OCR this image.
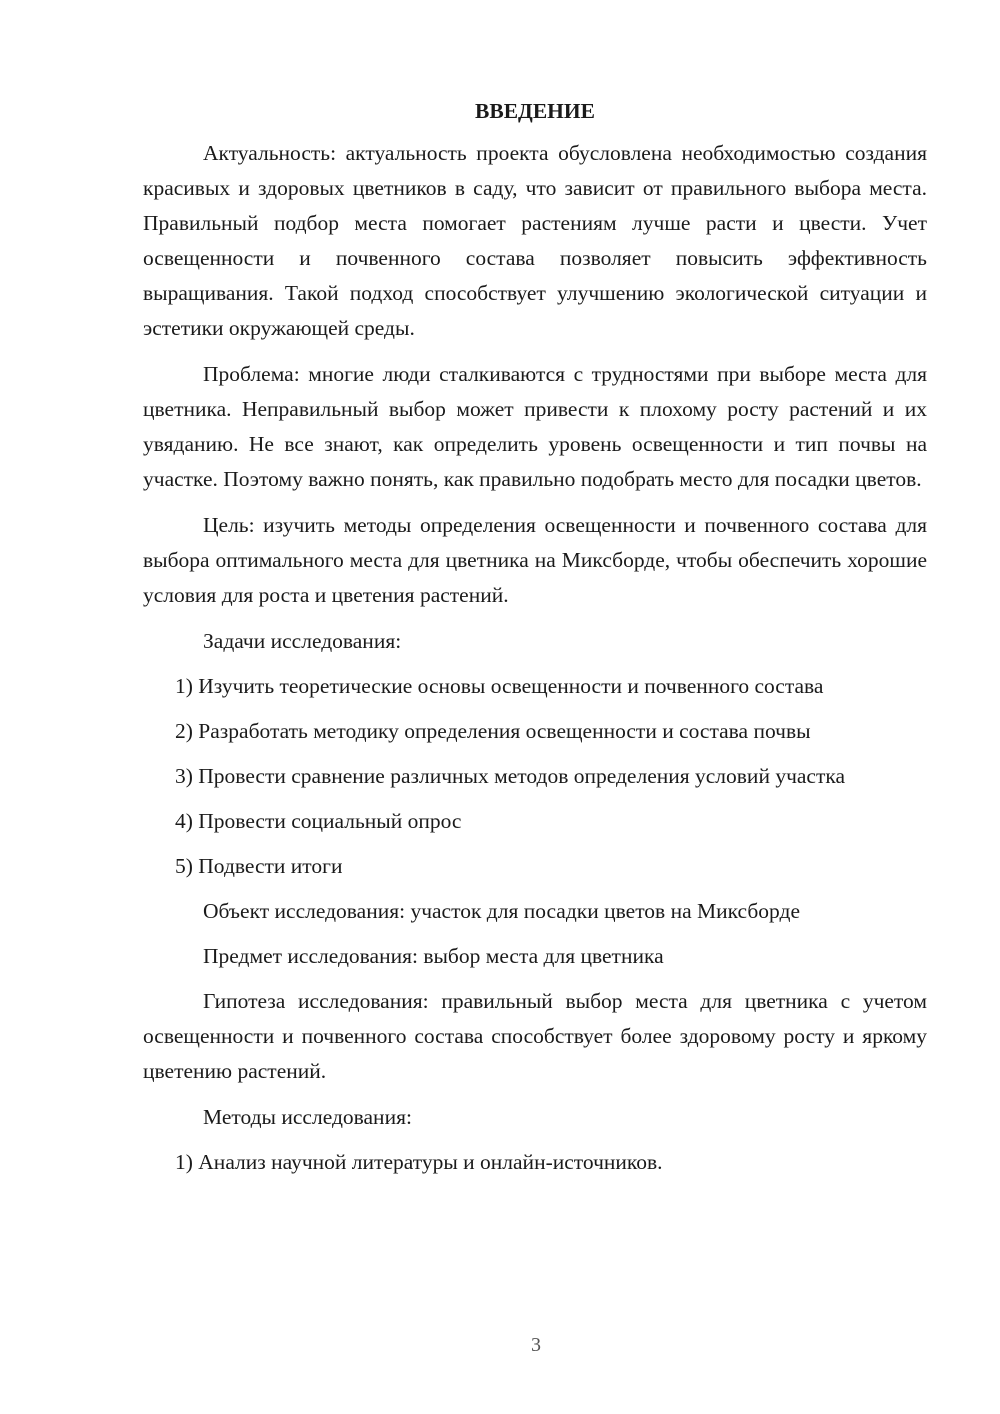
ВВЕДЕНИЕ

Актуальность: актуальность проекта обусловлена необходимостью создания красивых и здоровых цветников в саду, что зависит от правильного выбора места. Правильный подбор места помогает растениям лучше расти и цвести. Учет освещенности и почвенного состава позволяет повысить эффективность выращивания. Такой подход способствует улучшению экологической ситуации и эстетики окружающей среды.

Проблема: многие люди сталкиваются с трудностями при выборе места для цветника. Неправильный выбор может привести к плохому росту растений и их увяданию. Не все знают, как определить уровень освещенности и тип почвы на участке. Поэтому важно понять, как правильно подобрать место для посадки цветов.

Цель: изучить методы определения освещенности и почвенного состава для выбора оптимального места для цветника на Миксборде, чтобы обеспечить хорошие условия для роста и цветения растений.

Задачи исследования:

1) Изучить теоретические основы освещенности и почвенного состава

2) Разработать методику определения освещенности и состава почвы

3) Провести сравнение различных методов определения условий участка

4) Провести социальный опрос

5) Подвести итоги

Объект исследования: участок для посадки цветов на Миксборде

Предмет исследования: выбор места для цветника

Гипотеза исследования: правильный выбор места для цветника с учетом освещенности и почвенного состава способствует более здоровому росту и яркому цветению растений.

Методы исследования:

1) Анализ научной литературы и онлайн-источников.

3
